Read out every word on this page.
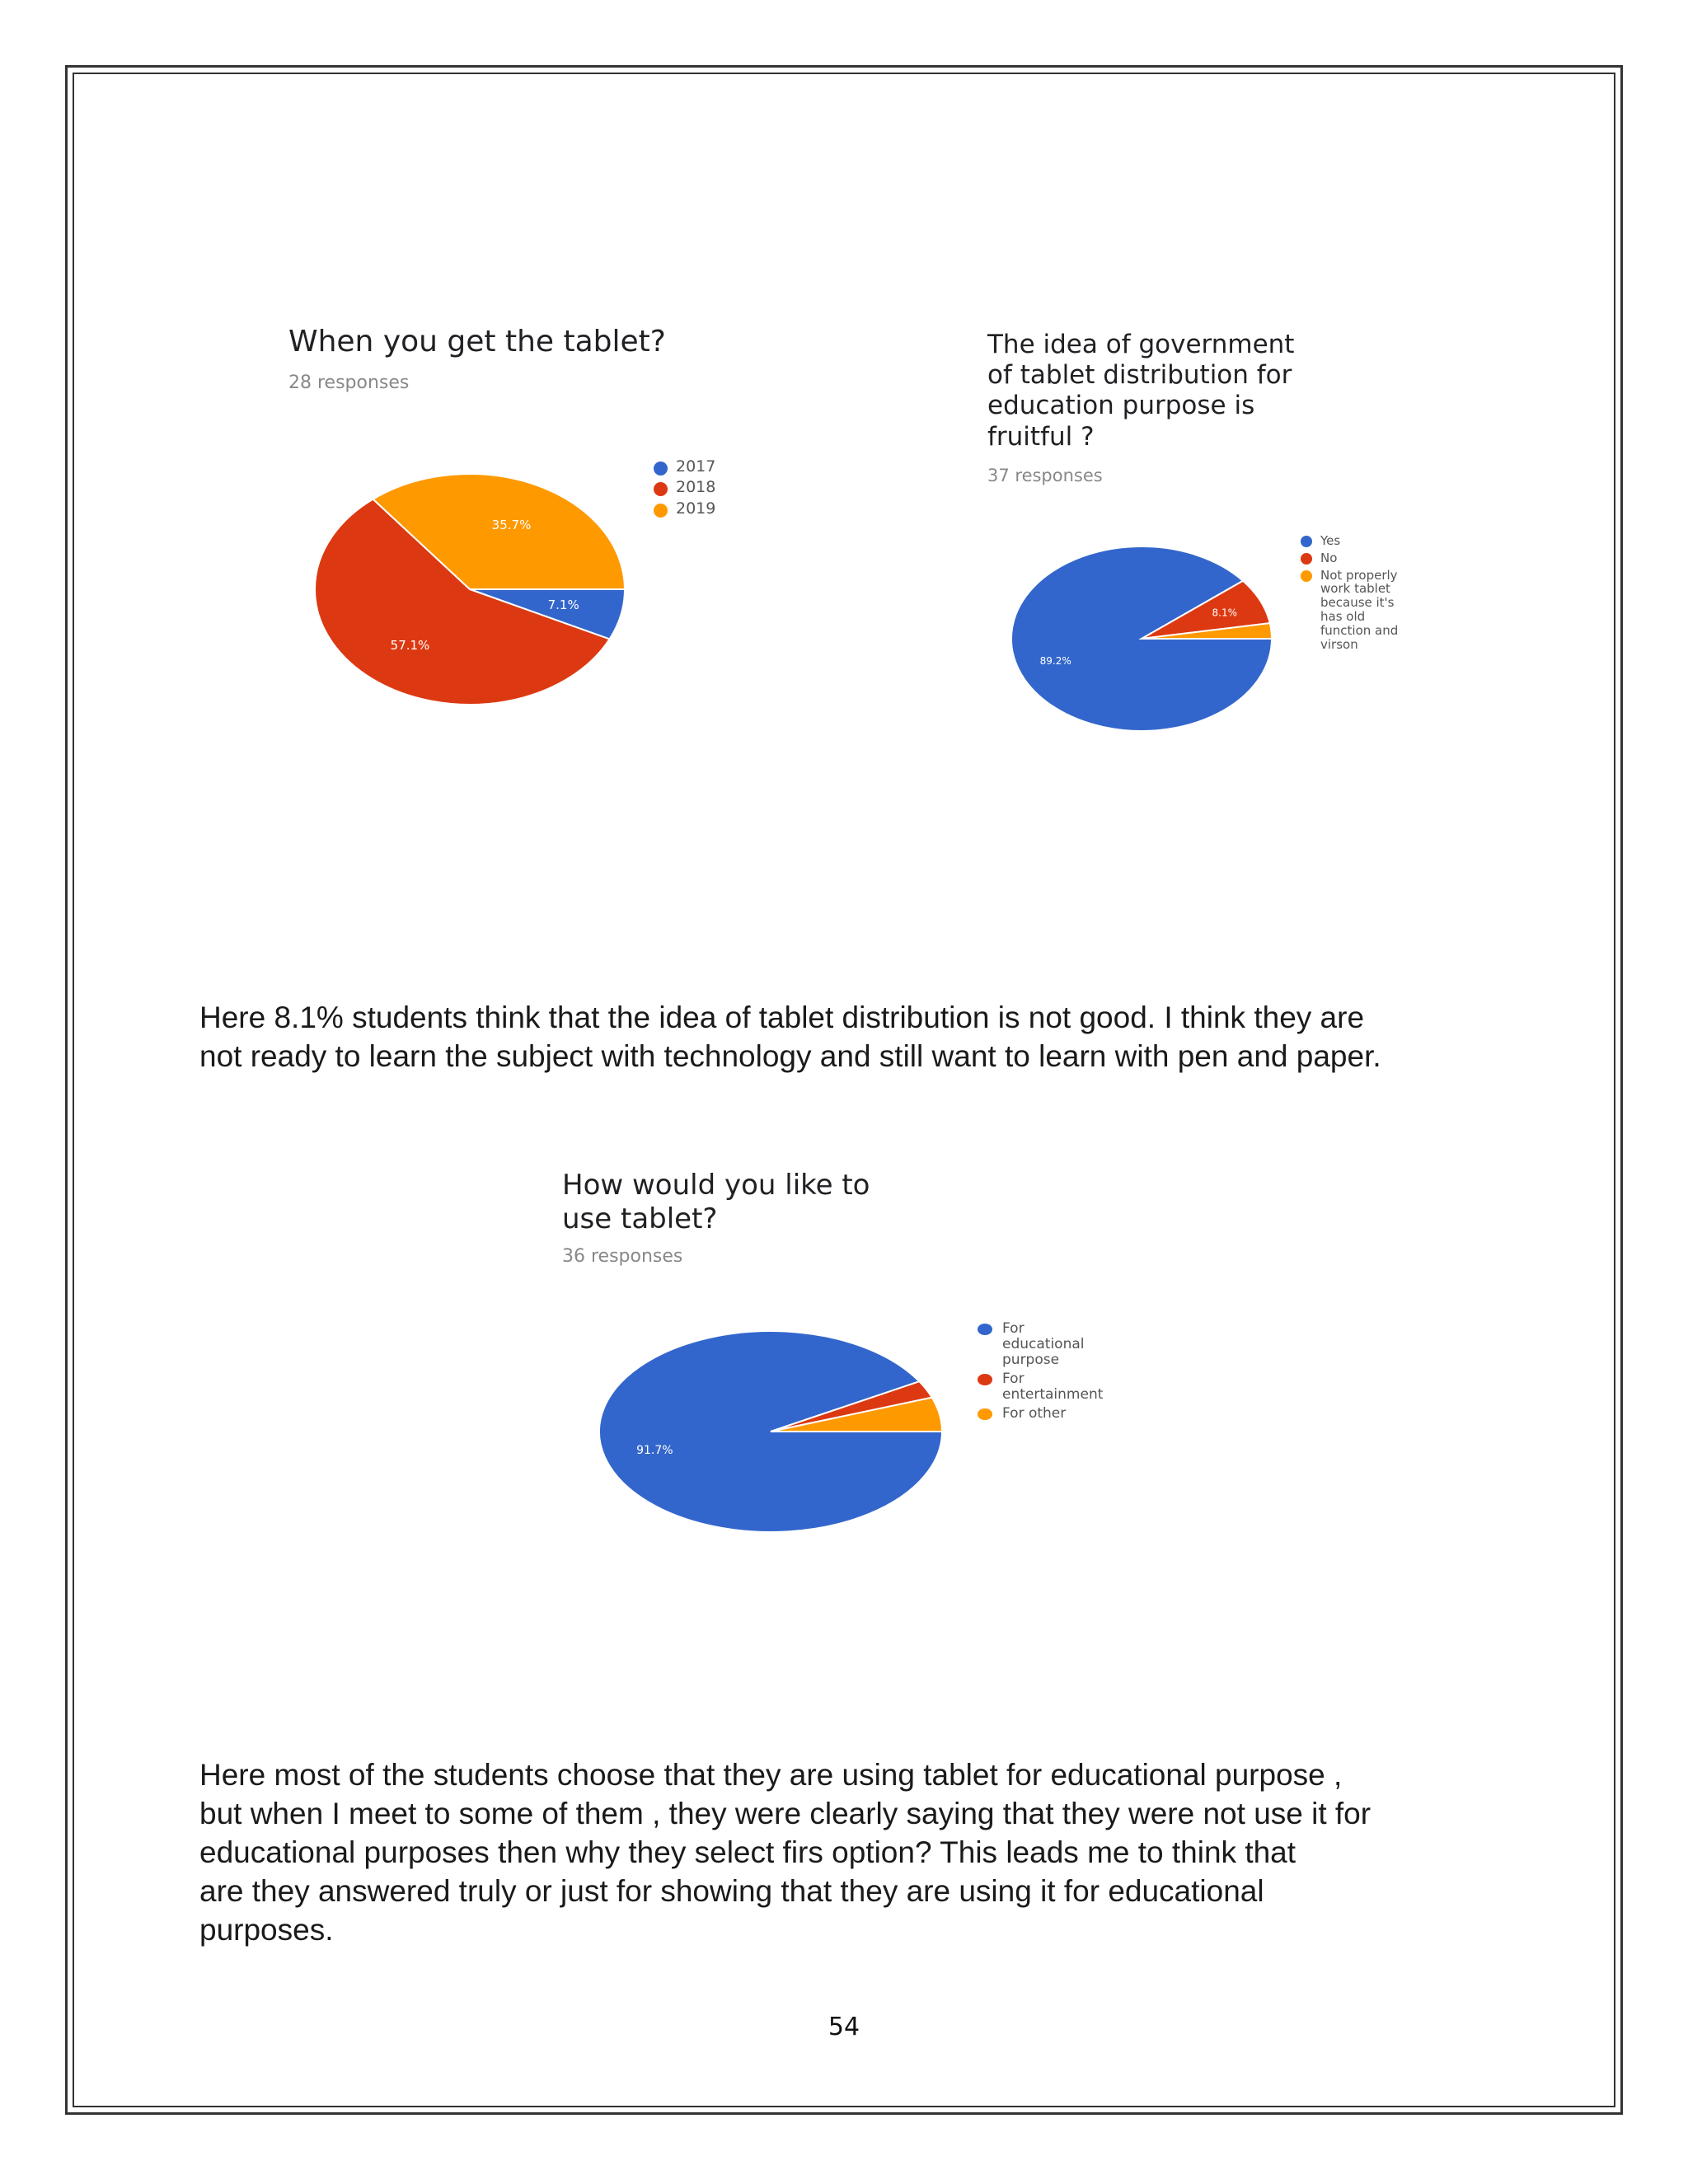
When you get the tablet?
28 responses
7.1%
57.1%
35.7%
2017
2018
2019
The idea of government
of tablet distribution for
education purpose is
fruitful ?
37 responses
89.2%
8.1%
Yes
No
Not properly
work tablet
because it's
has old
function and
virson
Here 8.1% students think that the idea of tablet distribution is not good. I think they are
not ready to learn the subject with technology and still want to learn with pen and paper.
How would you like to
use tablet?
36 responses
91.7%
For
educational
purpose
For
entertainment
For other
Here most of the students choose that they are using tablet for educational purpose ,
but when I meet to some of them , they were clearly saying that they were not use it for
educational purposes then why they select firs option? This leads me to think that
are they answered truly or just for showing that they are using it for educational
purposes.
54
